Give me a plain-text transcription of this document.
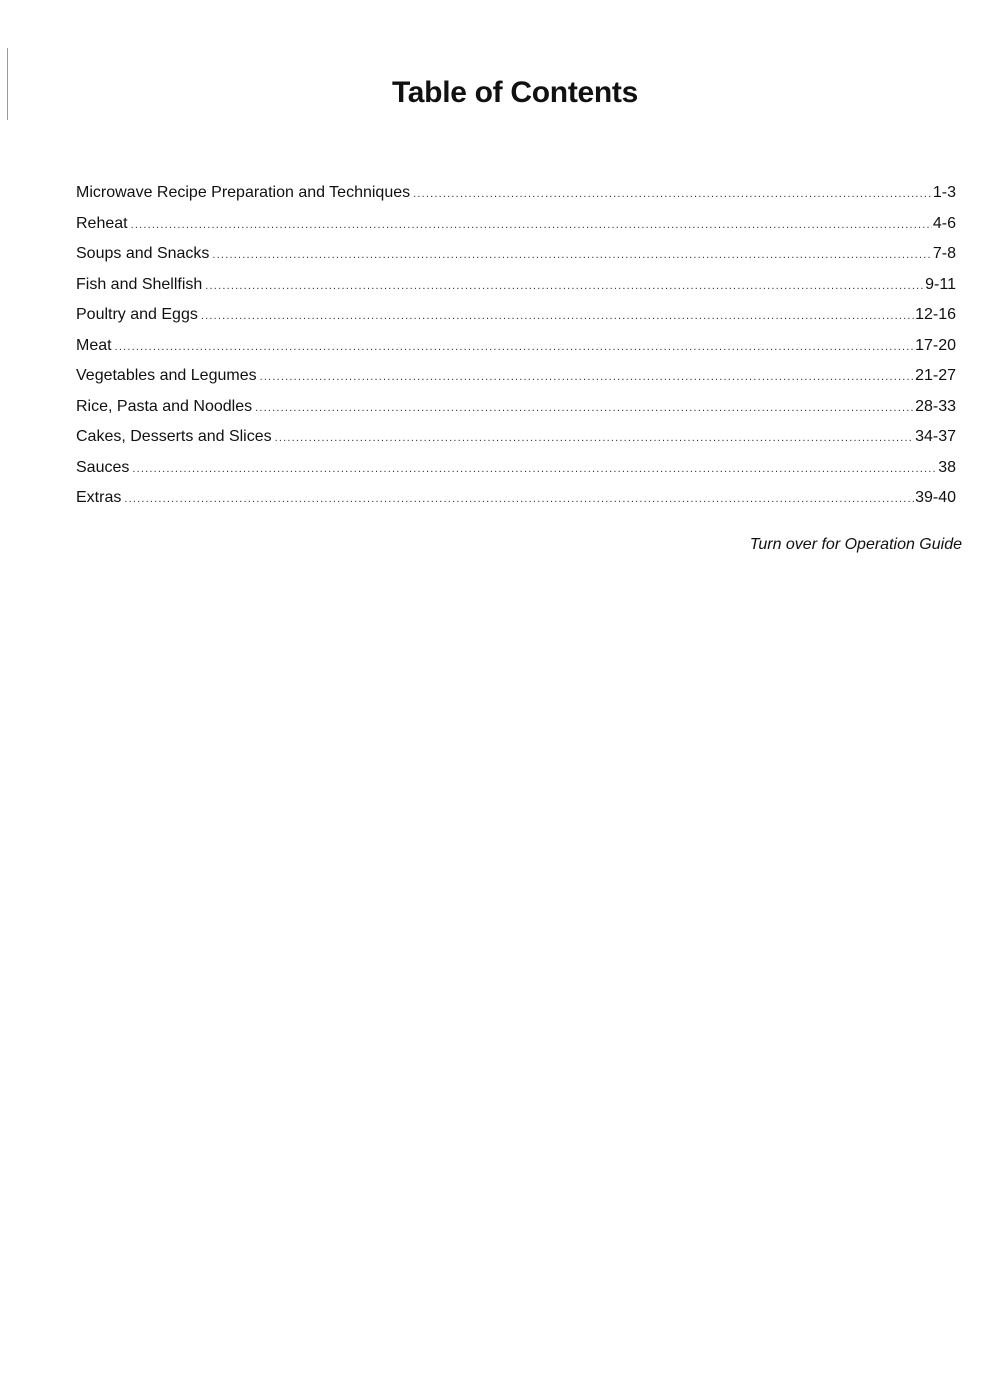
Table of Contents
Microwave Recipe Preparation and Techniques .....	1-3
Reheat .....	4-6
Soups and Snacks .....	7-8
Fish and Shellfish .....	9-11
Poultry and Eggs .....	12-16
Meat .....	17-20
Vegetables and Legumes .....	21-27
Rice, Pasta and Noodles .....	28-33
Cakes, Desserts and Slices .....	34-37
Sauces .....	38
Extras .....	39-40
Turn over for Operation Guide
